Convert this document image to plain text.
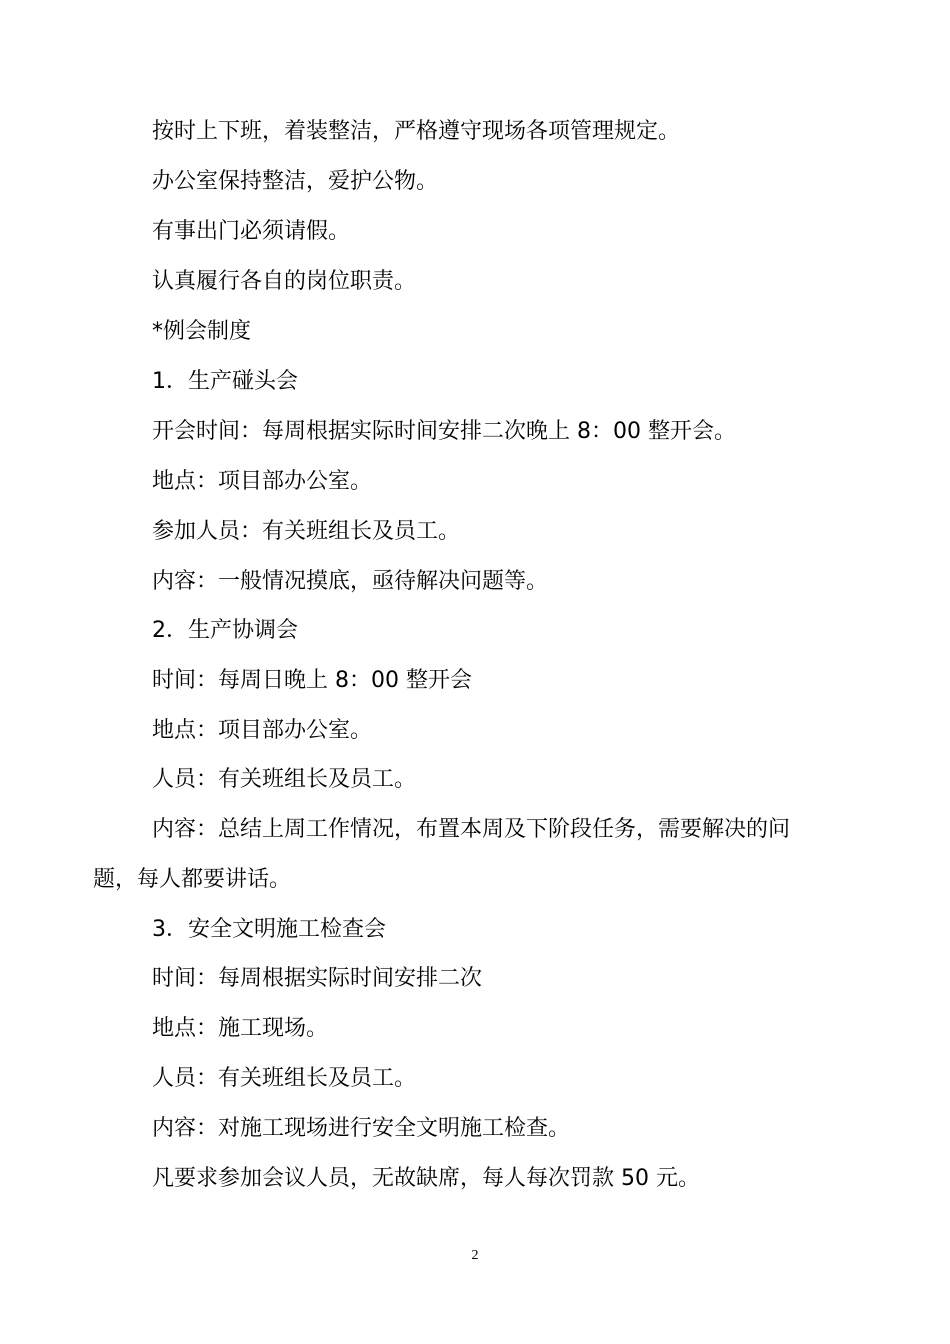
按时上下班，着装整洁，严格遵守现场各项管理规定。

办公室保持整洁，爱护公物。

有事出门必须请假。

认真履行各自的岗位职责。

*例会制度

1．生产碰头会

开会时间：每周根据实际时间安排二次晚上 8：00 整开会。

地点：项目部办公室。

参加人员：有关班组长及员工。

内容：一般情况摸底，亟待解决问题等。

2．生产协调会

时间：每周日晚上 8：00 整开会

地点：项目部办公室。

人员：有关班组长及员工。

内容：总结上周工作情况，布置本周及下阶段任务，需要解决的问题，每人都要讲话。

3．安全文明施工检查会

时间：每周根据实际时间安排二次

地点：施工现场。

人员：有关班组长及员工。

内容：对施工现场进行安全文明施工检查。

凡要求参加会议人员，无故缺席，每人每次罚款 50 元。

2
